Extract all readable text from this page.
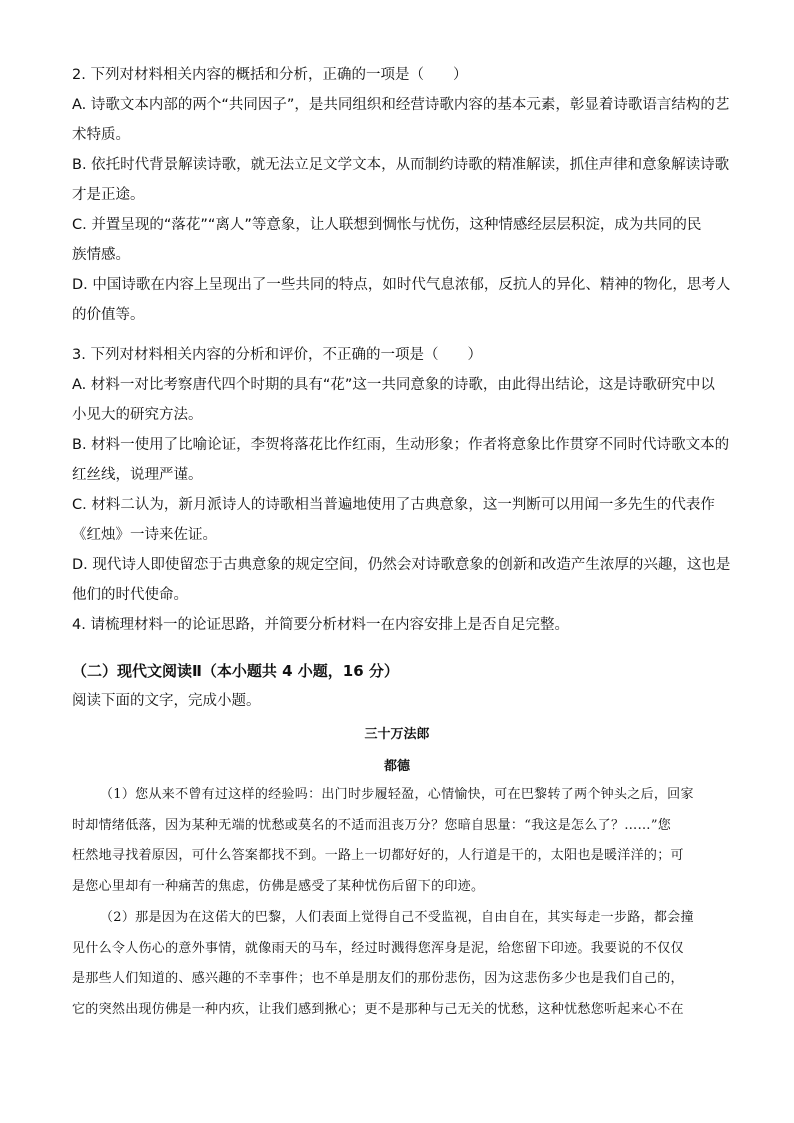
2. 下列对材料相关内容的概括和分析，正确的一项是（　　）
A. 诗歌文本内部的两个“共同因子”，是共同组织和经营诗歌内容的基本元素，彰显着诗歌语言结构的艺
术特质。
B. 依托时代背景解读诗歌，就无法立足文学文本，从而制约诗歌的精准解读，抓住声律和意象解读诗歌
才是正途。
C. 并置呈现的“落花”“离人”等意象，让人联想到惆怅与忧伤，这种情感经层层积淀，成为共同的民
族情感。
D. 中国诗歌在内容上呈现出了一些共同的特点，如时代气息浓郁，反抗人的异化、精神的物化，思考人
的价值等。
3. 下列对材料相关内容的分析和评价，不正确的一项是（　　）
A. 材料一对比考察唐代四个时期的具有“花”这一共同意象的诗歌，由此得出结论，这是诗歌研究中以
小见大的研究方法。
B. 材料一使用了比喻论证，李贺将落花比作红雨，生动形象；作者将意象比作贯穿不同时代诗歌文本的
红丝线，说理严谨。
C. 材料二认为，新月派诗人的诗歌相当普遍地使用了古典意象，这一判断可以用闻一多先生的代表作
《红烛》一诗来佐证。
D. 现代诗人即使留恋于古典意象的规定空间，仍然会对诗歌意象的创新和改造产生浓厚的兴趣，这也是
他们的时代使命。
4. 请梳理材料一的论证思路，并简要分析材料一在内容安排上是否自足完整。
（二）现代文阅读Ⅱ（本小题共 4 小题，16 分）
阅读下面的文字，完成小题。
三十万法郎
都德
（1）您从来不曾有过这样的经验吗：出门时步履轻盈，心情愉快，可在巴黎转了两个钟头之后，回家
时却情绪低落，因为某种无端的忧愁或莫名的不适而沮丧万分？您暗自思量：“我这是怎么了？……”您
枉然地寻找着原因，可什么答案都找不到。一路上一切都好好的，人行道是干的，太阳也是暖洋洋的；可
是您心里却有一种痛苦的焦虑，仿佛是感受了某种忧伤后留下的印迹。
（2）那是因为在这偌大的巴黎，人们表面上觉得自己不受监视，自由自在，其实每走一步路，都会撞
见什么令人伤心的意外事情，就像雨天的马车，经过时溅得您浑身是泥，给您留下印迹。我要说的不仅仅
是那些人们知道的、感兴趣的不幸事件；也不单是朋友们的那份悲伤，因为这悲伤多少也是我们自己的，
它的突然出现仿佛是一种内疚，让我们感到揪心；更不是那种与己无关的忧愁，这种忧愁您听起来心不在
